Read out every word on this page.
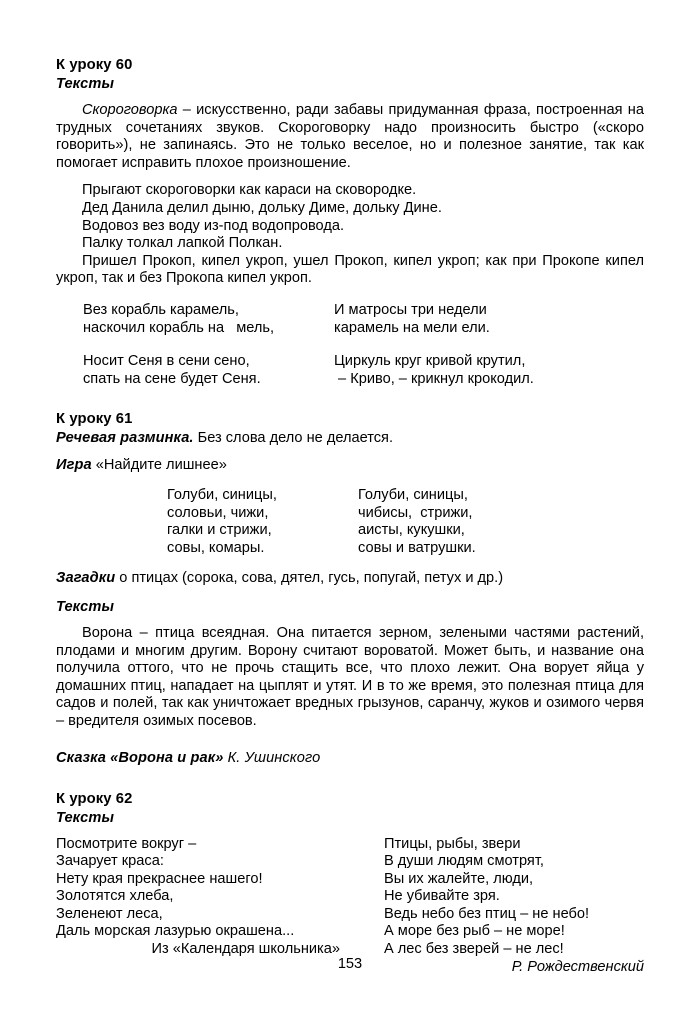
К уроку 60
Тексты

Скороговорка – искусственно, ради забавы придуманная фраза, построенная на трудных сочетаниях звуков. Скороговорку надо произносить быстро («скоро говорить»), не запинаясь. Это не только веселое, но и полезное занятие, так как помогает исправить плохое произношение.

Прыгают скороговорки как караси на сковородке.
Дед Данила делил дыню, дольку Диме, дольку Дине.
Водовоз вез воду из-под водопровода.
Палку толкал лапкой Полкан.

Пришел Прокоп, кипел укроп, ушел Прокоп, кипел укроп; как при Прокопе кипел укроп, так и без Прокопа кипел укроп.

Вез корабль карамель,
наскочил корабль на   мель,
И матросы три недели
карамель на мели ели.
Носит Сеня в сени сено,
спать на сене будет Сеня.
Циркуль круг кривой крутил,
– Криво, – крикнул крокодил.
К уроку 61
Речевая разминка. Без слова дело не делается.
Игра «Найдите лишнее»
Голуби, синицы,
соловьи, чижи,
галки и стрижи,
совы, комары.
Голуби, синицы,
чибисы,  стрижи,
аисты, кукушки,
совы и ватрушки.
Загадки о птицах (сорока, сова, дятел, гусь, попугай, петух и др.)
Тексты

Ворона – птица всеядная. Она питается зерном, зелеными частями растений, плодами и многим другим. Ворону считают вороватой. Может быть, и название она получила оттого, что не прочь стащить все, что плохо лежит. Она ворует яйца у домашних птиц, нападает на цыплят и утят. И в то же время, это полезная птица для садов и полей, так как уничтожает вредных грызунов, саранчу, жуков и озимого червя – вредителя озимых посевов.

Сказка «Ворона и рак» К. Ушинского
К уроку 62
Тексты
Посмотрите вокруг –
Зачарует краса:
Нету края прекраснее нашего!
Золотятся хлеба,
Зеленеют леса,
Даль морская лазурью окрашена...
Из «Календаря школьника»
Птицы, рыбы, звери
В души людям смотрят,
Вы их жалейте, люди,
Не убивайте зря.
Ведь небо без птиц – не небо!
А море без рыб – не море!
А лес без зверей – не лес!
Р. Рождественский
153
